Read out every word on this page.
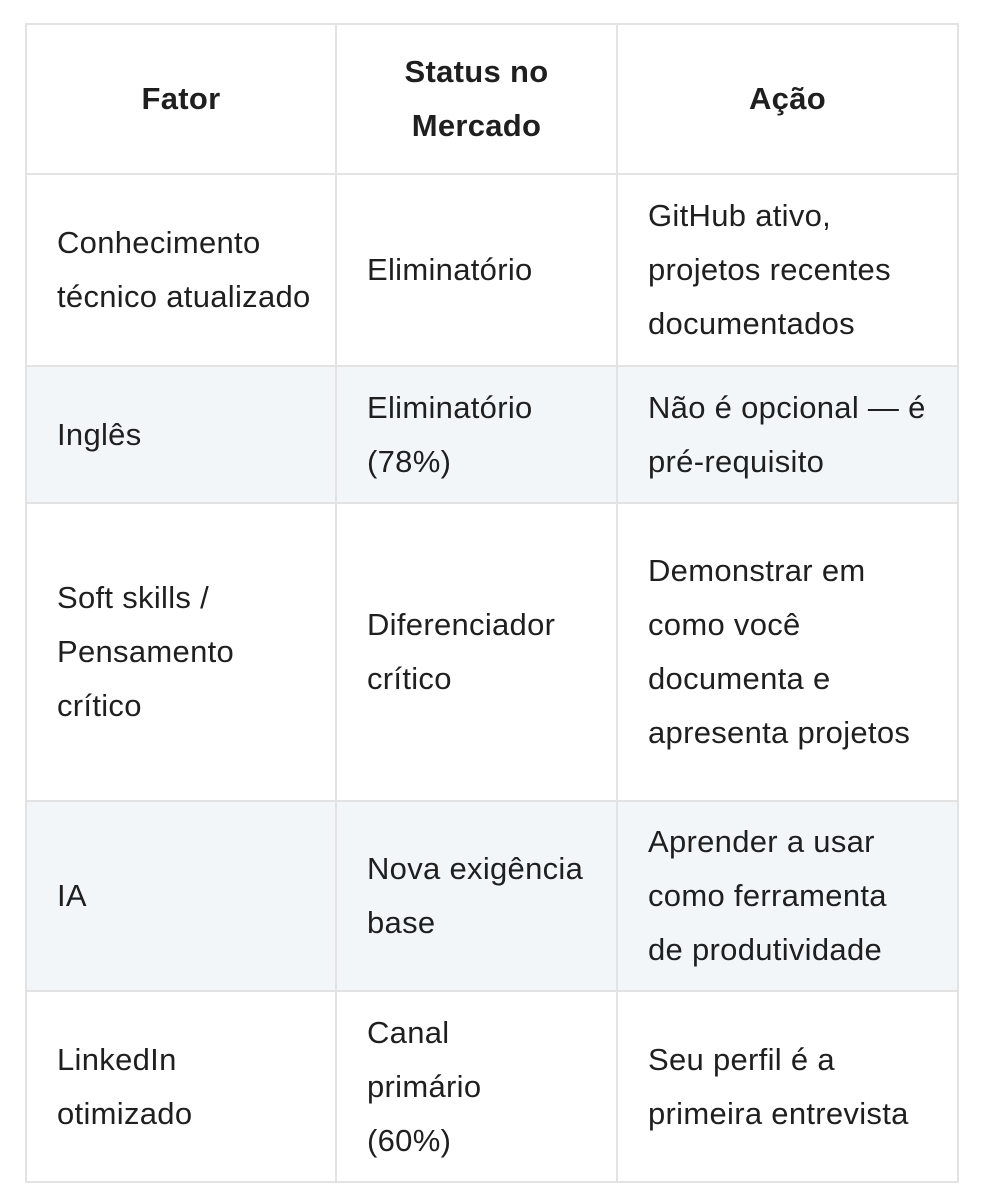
Fator	Status no Mercado	Ação
Conhecimento técnico atualizado	Eliminatório	GitHub ativo, projetos recentes documentados
Inglês	Eliminatório (78%)	Não é opcional — é pré-requisito
Soft skills / Pensamento crítico	Diferenciador crítico	Demonstrar em como você documenta e apresenta projetos
IA	Nova exigência base	Aprender a usar como ferramenta de produtividade
LinkedIn otimizado	Canal primário (60%)	Seu perfil é a primeira entrevista
